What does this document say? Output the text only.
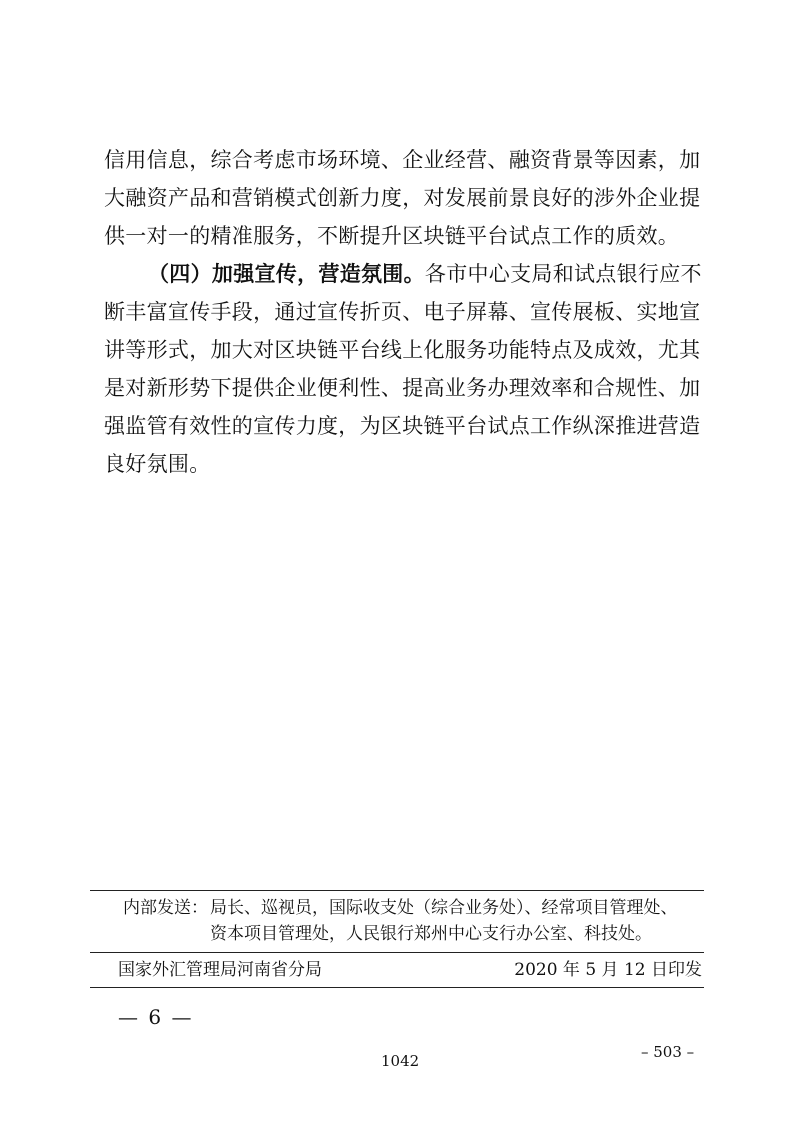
信用信息，综合考虑市场环境、企业经营、融资背景等因素，加
大融资产品和营销模式创新力度，对发展前景良好的涉外企业提
供一对一的精准服务，不断提升区块链平台试点工作的质效。
（四）加强宣传，营造氛围。各市中心支局和试点银行应不
断丰富宣传手段，通过宣传折页、电子屏幕、宣传展板、实地宣
讲等形式，加大对区块链平台线上化服务功能特点及成效，尤其
是对新形势下提供企业便利性、提高业务办理效率和合规性、加
强监管有效性的宣传力度，为区块链平台试点工作纵深推进营造
良好氛围。
内部发送： 局长、巡视员，国际收支处（综合业务处）、经常项目管理处、
资本项目管理处，人民银行郑州中心支行办公室、科技处。
国家外汇管理局河南省分局	2020 年 5 月 12 日印发
— 6 —
1042	– 503 –
